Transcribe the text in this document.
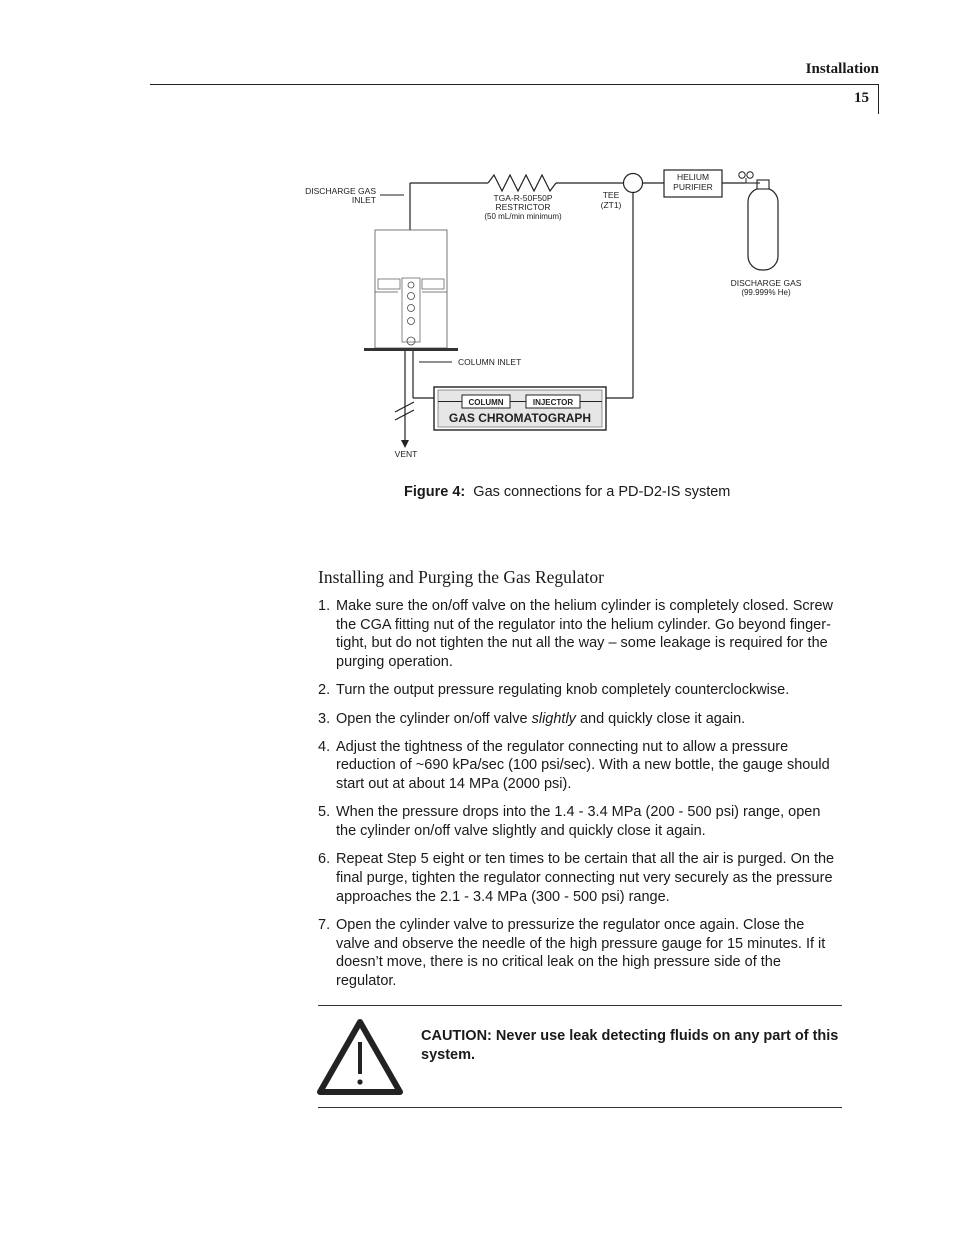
Installation
15
DISCHARGE GAS
INLET	TGA-R-50F50P
RESTRICTOR
(50 mL/min minimum)
TEE
(ZT1)
HELIUM
PURIFIER
DISCHARGE GAS
(99.999% He)
COLUMN INLET
COLUMN	INJECTOR
GAS CHROMATOGRAPH
VENT
Figure 4: Gas connections for a PD-D2-IS system
Installing and Purging the Gas Regulator
1. Make sure the on/off valve on the helium cylinder is completely closed. Screw the CGA fitting nut of the regulator into the helium cylinder. Go beyond finger-tight, but do not tighten the nut all the way – some leakage is required for the purging operation.
2. Turn the output pressure regulating knob completely counterclockwise.
3. Open the cylinder on/off valve slightly and quickly close it again.
4. Adjust the tightness of the regulator connecting nut to allow a pressure reduction of ~690 kPa/sec (100 psi/sec). With a new bottle, the gauge should start out at about 14 MPa (2000 psi).
5. When the pressure drops into the 1.4 - 3.4 MPa (200 - 500 psi) range, open the cylinder on/off valve slightly and quickly close it again.
6. Repeat Step 5 eight or ten times to be certain that all the air is purged. On the final purge, tighten the regulator connecting nut very securely as the pressure approaches the 2.1 - 3.4 MPa (300 - 500 psi) range.
7. Open the cylinder valve to pressurize the regulator once again. Close the valve and observe the needle of the high pressure gauge for 15 minutes. If it doesn’t move, there is no critical leak on the high pressure side of the regulator.
CAUTION: Never use leak detecting fluids on any part of this system.
